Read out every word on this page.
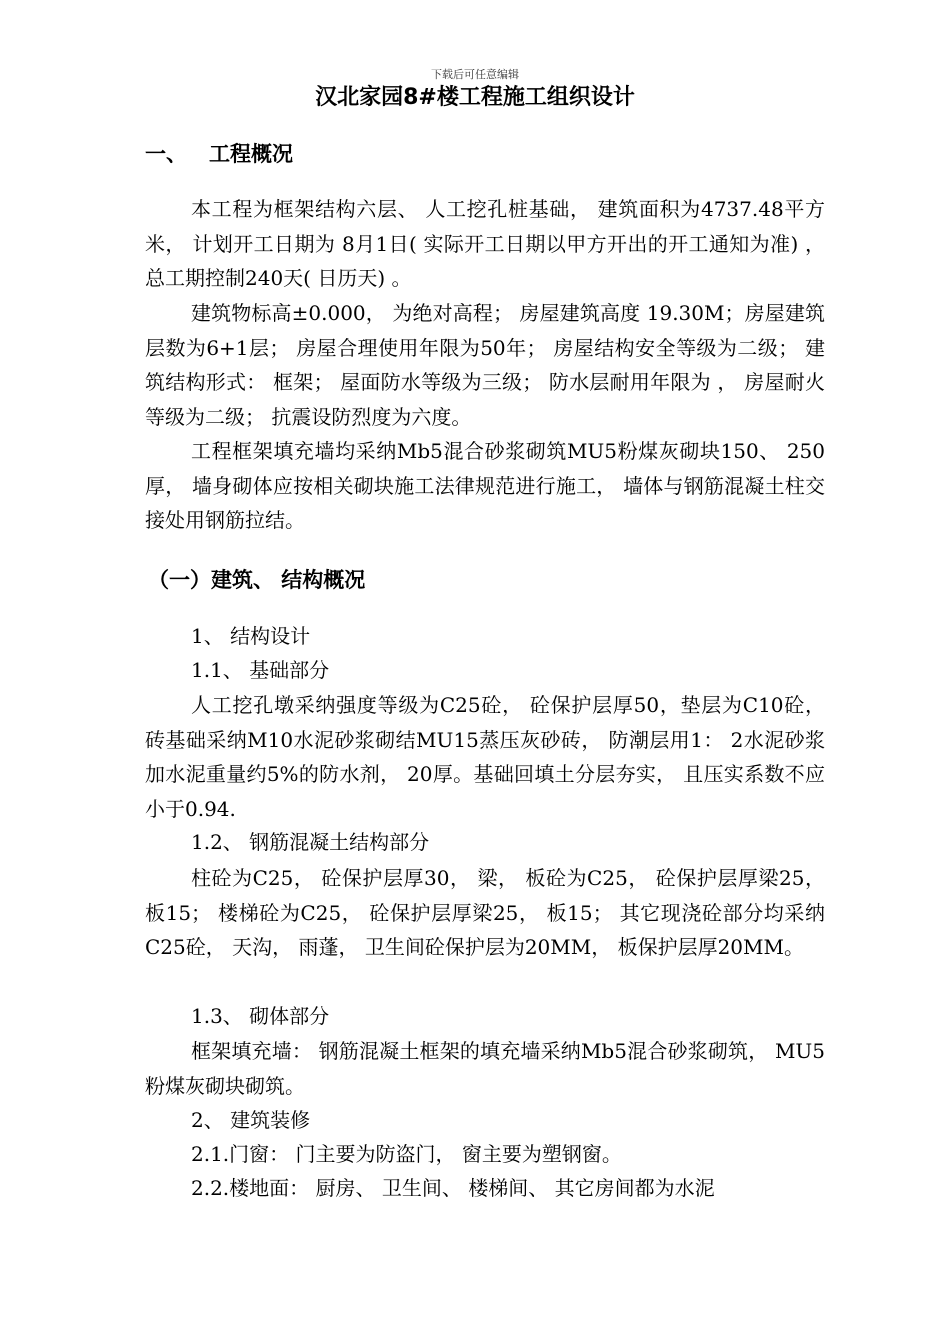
下载后可任意编辑
汉北家园8#楼工程施工组织设计
一、 工程概况
本工程为框架结构六层、 人工挖孔桩基础， 建筑面积为4737.48平方米， 计划开工日期为 8月1日( 实际开工日期以甲方开出的开工通知为准) ， 总工期控制240天( 日历天) 。
建筑物标高±0.000， 为绝对高程； 房屋建筑高度 19.30M；房屋建筑层数为6+1层； 房屋合理使用年限为50年； 房屋结构安全等级为二级； 建筑结构形式： 框架； 屋面防水等级为三级； 防水层耐用年限为 ， 房屋耐火等级为二级； 抗震设防烈度为六度。
工程框架填充墙均采纳Mb5混合砂浆砌筑MU5粉煤灰砌块150、 250厚， 墙身砌体应按相关砌块施工法律规范进行施工， 墙体与钢筋混凝土柱交接处用钢筋拉结。
（一）建筑、 结构概况
1、 结构设计
1.1、 基础部分
人工挖孔墩采纳强度等级为C25砼， 砼保护层厚50，垫层为C10砼， 砖基础采纳M10水泥砂浆砌结MU15蒸压灰砂砖， 防潮层用1： 2水泥砂浆加水泥重量约5%的防水剂， 20厚。基础回填土分层夯实， 且压实系数不应小于0.94.
1.2、 钢筋混凝土结构部分
柱砼为C25， 砼保护层厚30， 梁， 板砼为C25， 砼保护层厚梁25， 板15； 楼梯砼为C25， 砼保护层厚梁25， 板15； 其它现浇砼部分均采纳C25砼， 天沟， 雨蓬， 卫生间砼保护层为20MM， 板保护层厚20MM。
1.3、 砌体部分
框架填充墙： 钢筋混凝土框架的填充墙采纳Mb5混合砂浆砌筑， MU5粉煤灰砌块砌筑。
2、 建筑装修
2.1.门窗： 门主要为防盗门， 窗主要为塑钢窗。
2.2.楼地面： 厨房、 卫生间、 楼梯间、 其它房间都为水泥
